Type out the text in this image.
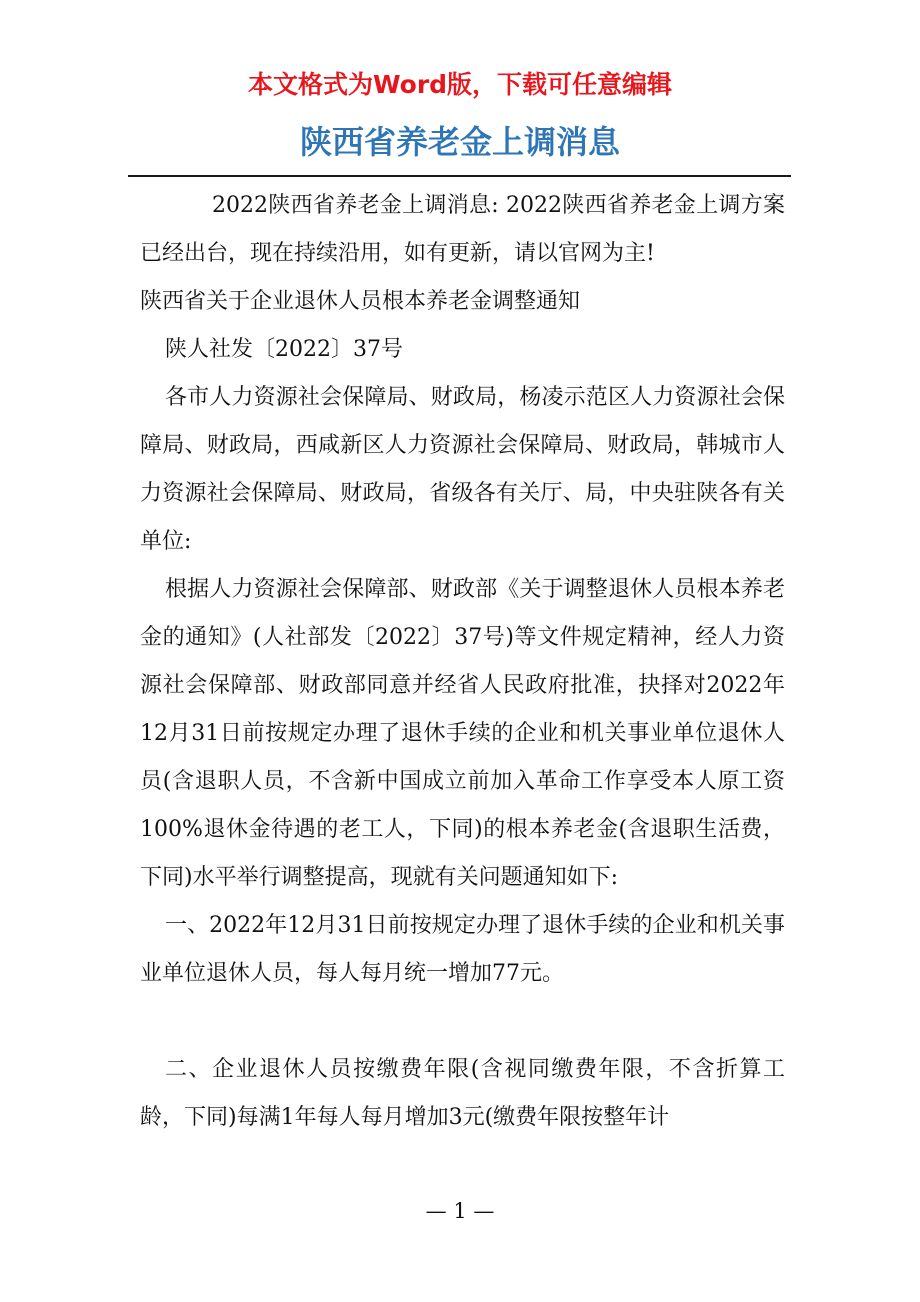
本文格式为Word版，下载可任意编辑
陕西省养老金上调消息

2022陕西省养老金上调消息: 2022陕西省养老金上调方案已经出台，现在持续沿用，如有更新，请以官网为主!

陕西省关于企业退休人员根本养老金调整通知

陕人社发〔2022〕37号

各市人力资源社会保障局、财政局，杨凌示范区人力资源社会保障局、财政局，西咸新区人力资源社会保障局、财政局，韩城市人力资源社会保障局、财政局，省级各有关厅、局，中央驻陕各有关单位:

根据人力资源社会保障部、财政部《关于调整退休人员根本养老金的通知》(人社部发〔2022〕37号)等文件规定精神，经人力资源社会保障部、财政部同意并经省人民政府批准，抉择对2022年12月31日前按规定办理了退休手续的企业和机关事业单位退休人员(含退职人员，不含新中国成立前加入革命工作享受本人原工资100%退休金待遇的老工人，下同)的根本养老金(含退职生活费，下同)水平举行调整提高，现就有关问题通知如下:

一、2022年12月31日前按规定办理了退休手续的企业和机关事业单位退休人员，每人每月统一增加77元。

二、企业退休人员按缴费年限(含视同缴费年限，不含折算工龄，下同)每满1年每人每月增加3元(缴费年限按整年计

— 1 —
